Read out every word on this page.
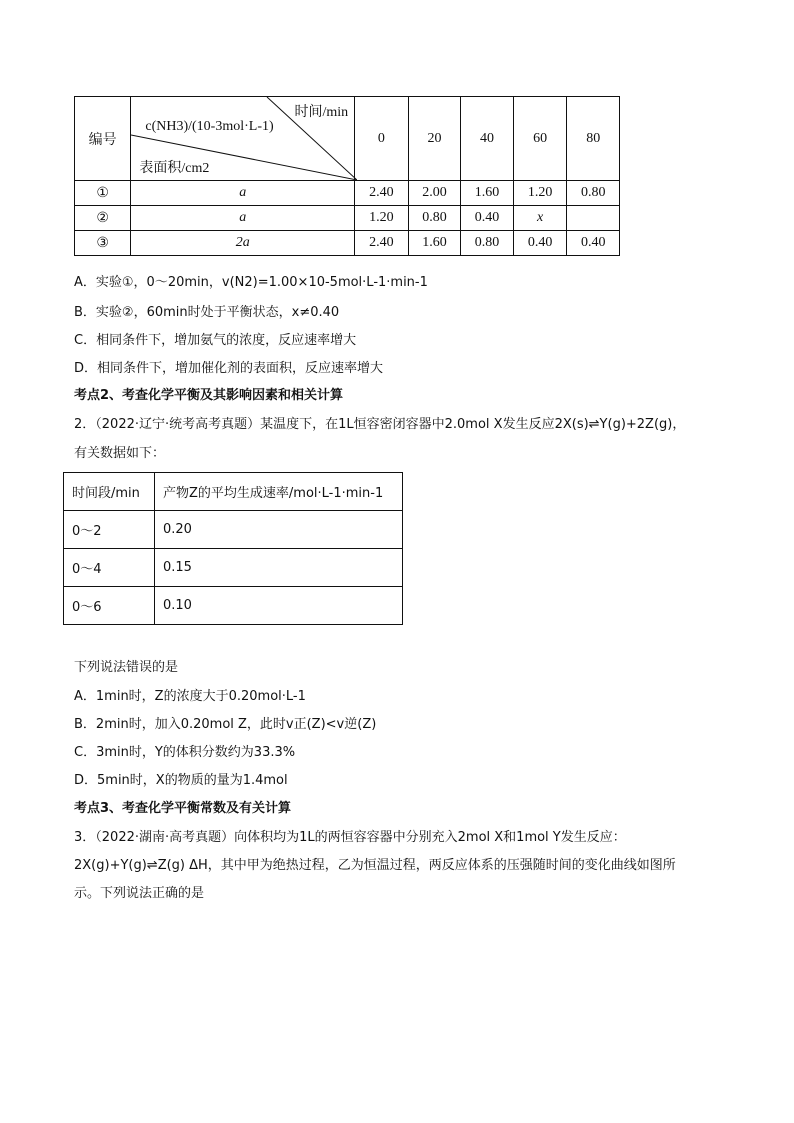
编号	时间/min
c(NH3)/(10-3mol·L-1)
表面积/cm2	0	20	40	60	80
①	a	2.40	2.00	1.60	1.20	0.80
②	a	1.20	0.80	0.40	x	
③	2a	2.40	1.60	0.80	0.40	0.40
A．实验①，0～20min，v(N2)=1.00×10-5mol·L-1·min-1
B．实验②，60min时处于平衡状态，x≠0.40
C．相同条件下，增加氨气的浓度，反应速率增大
D．相同条件下，增加催化剂的表面积，反应速率增大
考点2、考查化学平衡及其影响因素和相关计算
2．（2022·辽宁·统考高考真题）某温度下，在1L恒容密闭容器中2.0mol X发生反应2X(s)⇌Y(g)+2Z(g)，
有关数据如下：
时间段/min	产物Z的平均生成速率/mol·L-1·min-1
0～2	0.20
0～4	0.15
0～6	0.10
下列说法错误的是
A．1min时，Z的浓度大于0.20mol·L-1
B．2min时，加入0.20mol Z，此时v正(Z)<v逆(Z)
C．3min时，Y的体积分数约为33.3%
D．5min时，X的物质的量为1.4mol
考点3、考查化学平衡常数及有关计算
3．（2022·湖南·高考真题）向体积均为1L的两恒容容器中分别充入2mol X和1mol Y发生反应：
2X(g)+Y(g)⇌Z(g) ΔH，其中甲为绝热过程，乙为恒温过程，两反应体系的压强随时间的变化曲线如图所
示。下列说法正确的是
